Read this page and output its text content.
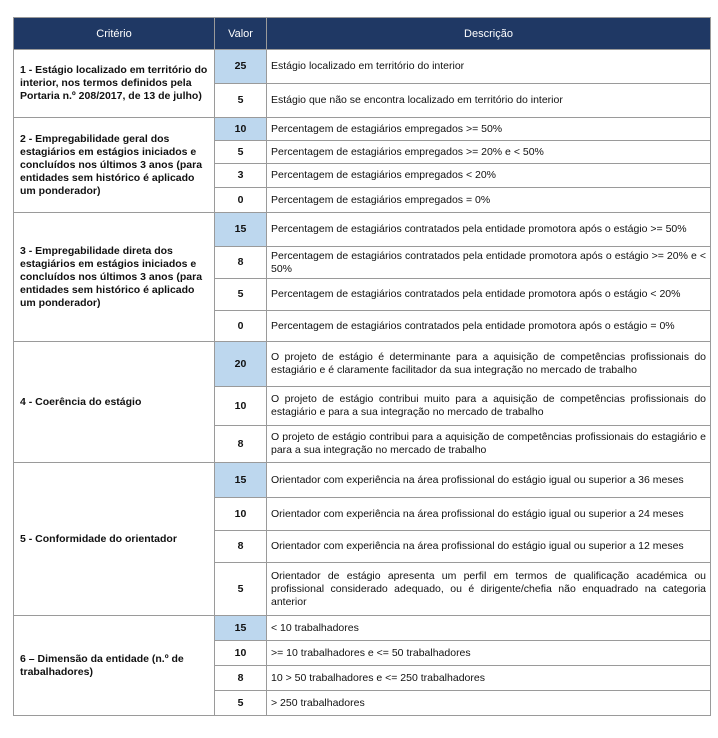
Critério	Valor	Descrição
1 - Estágio localizado em território do interior, nos termos definidos pela Portaria n.º 208/2017, de 13 de julho)	25	Estágio localizado em território do interior
	5	Estágio que não se encontra localizado em território do interior
2 - Empregabilidade geral dos estagiários em estágios iniciados e concluídos nos últimos 3 anos (para entidades sem histórico é aplicado um ponderador)	10	Percentagem de estagiários empregados >= 50%
	5	Percentagem de estagiários empregados >= 20% e < 50%
	3	Percentagem de estagiários empregados < 20%
	0	Percentagem de estagiários empregados = 0%
3 - Empregabilidade direta dos estagiários em estágios iniciados e concluídos nos últimos 3 anos (para entidades sem histórico é aplicado um ponderador)	15	Percentagem de estagiários contratados pela entidade promotora após o estágio >= 50%
	8	Percentagem de estagiários contratados pela entidade promotora após o estágio >= 20% e < 50%
	5	Percentagem de estagiários contratados pela entidade promotora após o estágio < 20%
	0	Percentagem de estagiários contratados pela entidade promotora após o estágio = 0%
4 - Coerência do estágio	20	O projeto de estágio é determinante para a aquisição de competências profissionais do estagiário e é claramente facilitador da sua integração no mercado de trabalho
	10	O projeto de estágio contribui muito para a aquisição de competências profissionais do estagiário e para a sua integração no mercado de trabalho
	8	O projeto de estágio contribui para a aquisição de competências profissionais do estagiário e para a sua integração no mercado de trabalho
5 - Conformidade do orientador	15	Orientador com experiência na área profissional do estágio igual ou superior a 36 meses
	10	Orientador com experiência na área profissional do estágio igual ou superior a 24 meses
	8	Orientador com experiência na área profissional do estágio igual ou superior a 12 meses
	5	Orientador de estágio apresenta um perfil em termos de qualificação académica ou profissional considerado adequado, ou é dirigente/chefia não enquadrado na categoria anterior
6 – Dimensão da entidade (n.º de trabalhadores)	15	< 10 trabalhadores
	10	>= 10 trabalhadores e <= 50 trabalhadores
	8	10 > 50 trabalhadores e <= 250 trabalhadores
	5	> 250 trabalhadores
